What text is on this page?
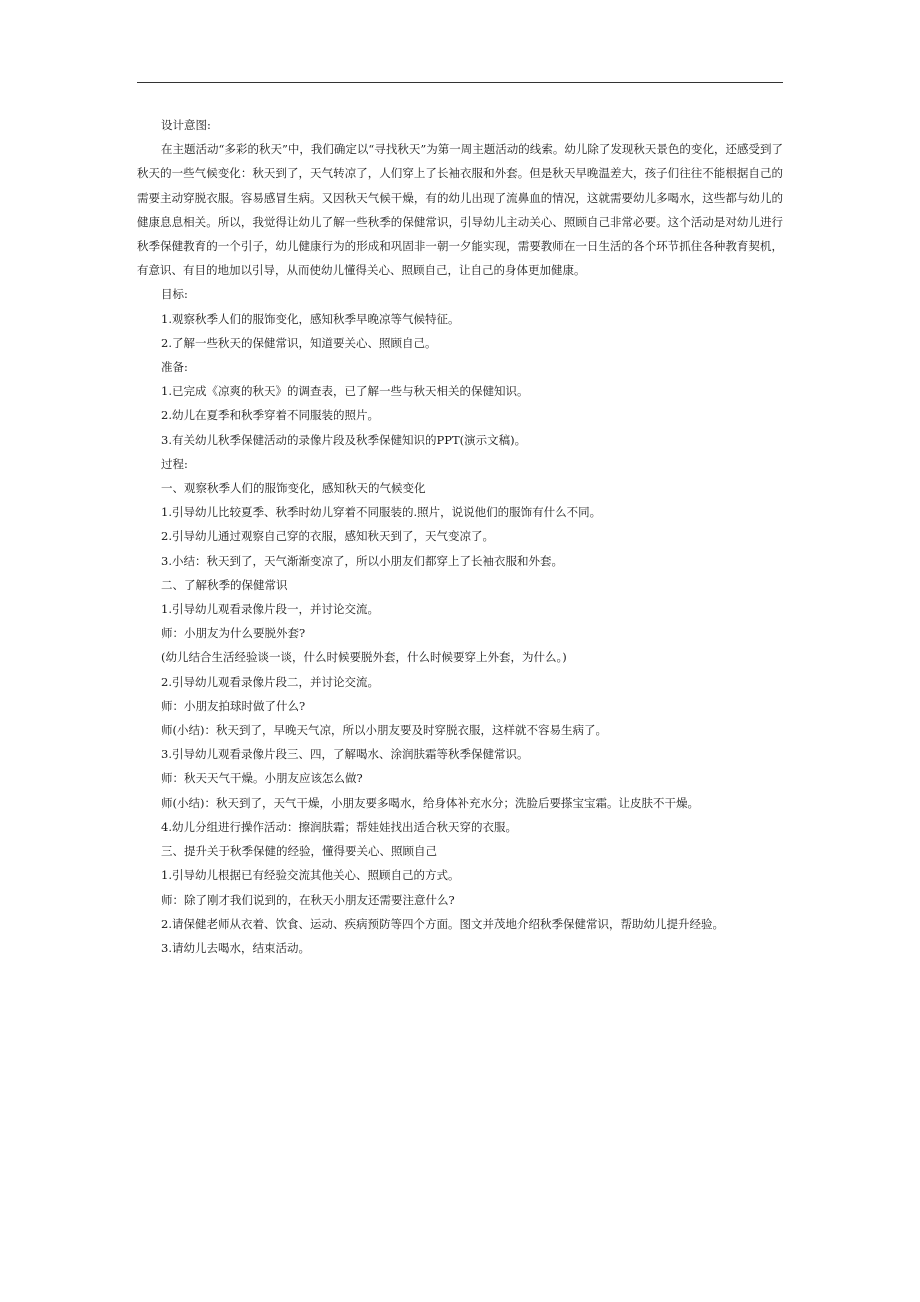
设计意图:

在主题活动“多彩的秋天”中，我们确定以“寻找秋天”为第一周主题活动的线索。幼儿除了发现秋天景色的变化，还感受到了秋天的一些气候变化：秋天到了，天气转凉了，人们穿上了长袖衣服和外套。但是秋天早晚温差大，孩子们往往不能根据自己的需要主动穿脱衣服。容易感冒生病。又因秋天气候干燥，有的幼儿出现了流鼻血的情况，这就需要幼儿多喝水，这些都与幼儿的健康息息相关。所以，我觉得让幼儿了解一些秋季的保健常识，引导幼儿主动关心、照顾自己非常必要。这个活动是对幼儿进行秋季保健教育的一个引子，幼儿健康行为的形成和巩固非一朝一夕能实现，需要教师在一日生活的各个环节抓住各种教育契机，有意识、有目的地加以引导，从而使幼儿懂得关心、照顾自己，让自己的身体更加健康。

目标:

1.观察秋季人们的服饰变化，感知秋季早晚凉等气候特征。

2.了解一些秋天的保健常识，知道要关心、照顾自己。

准备:

1.已完成《凉爽的秋天》的调查表，已了解一些与秋天相关的保健知识。

2.幼儿在夏季和秋季穿着不同服装的照片。

3.有关幼儿秋季保健活动的录像片段及秋季保健知识的PPT(演示文稿)。

过程:

一、观察秋季人们的服饰变化，感知秋天的气候变化

1.引导幼儿比较夏季、秋季时幼儿穿着不同服装的.照片，说说他们的服饰有什么不同。

2.引导幼儿通过观察自己穿的衣服，感知秋天到了，天气变凉了。

3.小结：秋天到了，天气渐渐变凉了，所以小朋友们都穿上了长袖衣服和外套。

二、了解秋季的保健常识

1.引导幼儿观看录像片段一，并讨论交流。

师：小朋友为什么要脱外套?

(幼儿结合生活经验谈一谈，什么时候要脱外套，什么时候要穿上外套，为什么。)

2.引导幼儿观看录像片段二，并讨论交流。

师：小朋友拍球时做了什么?

师(小结)：秋天到了，早晚天气凉，所以小朋友要及时穿脱衣服，这样就不容易生病了。

3.引导幼儿观看录像片段三、四，了解喝水、涂润肤霜等秋季保健常识。

师：秋天天气干燥。小朋友应该怎么做?

师(小结)：秋天到了，天气干燥，小朋友要多喝水，给身体补充水分；洗脸后要搽宝宝霜。让皮肤不干燥。

4.幼儿分组进行操作活动：擦润肤霜；帮娃娃找出适合秋天穿的衣服。

三、提升关于秋季保健的经验，懂得要关心、照顾自己

1.引导幼儿根据已有经验交流其他关心、照顾自己的方式。

师：除了刚才我们说到的，在秋天小朋友还需要注意什么?

2.请保健老师从衣着、饮食、运动、疾病预防等四个方面。图文并茂地介绍秋季保健常识，帮助幼儿提升经验。

3.请幼儿去喝水，结束活动。
